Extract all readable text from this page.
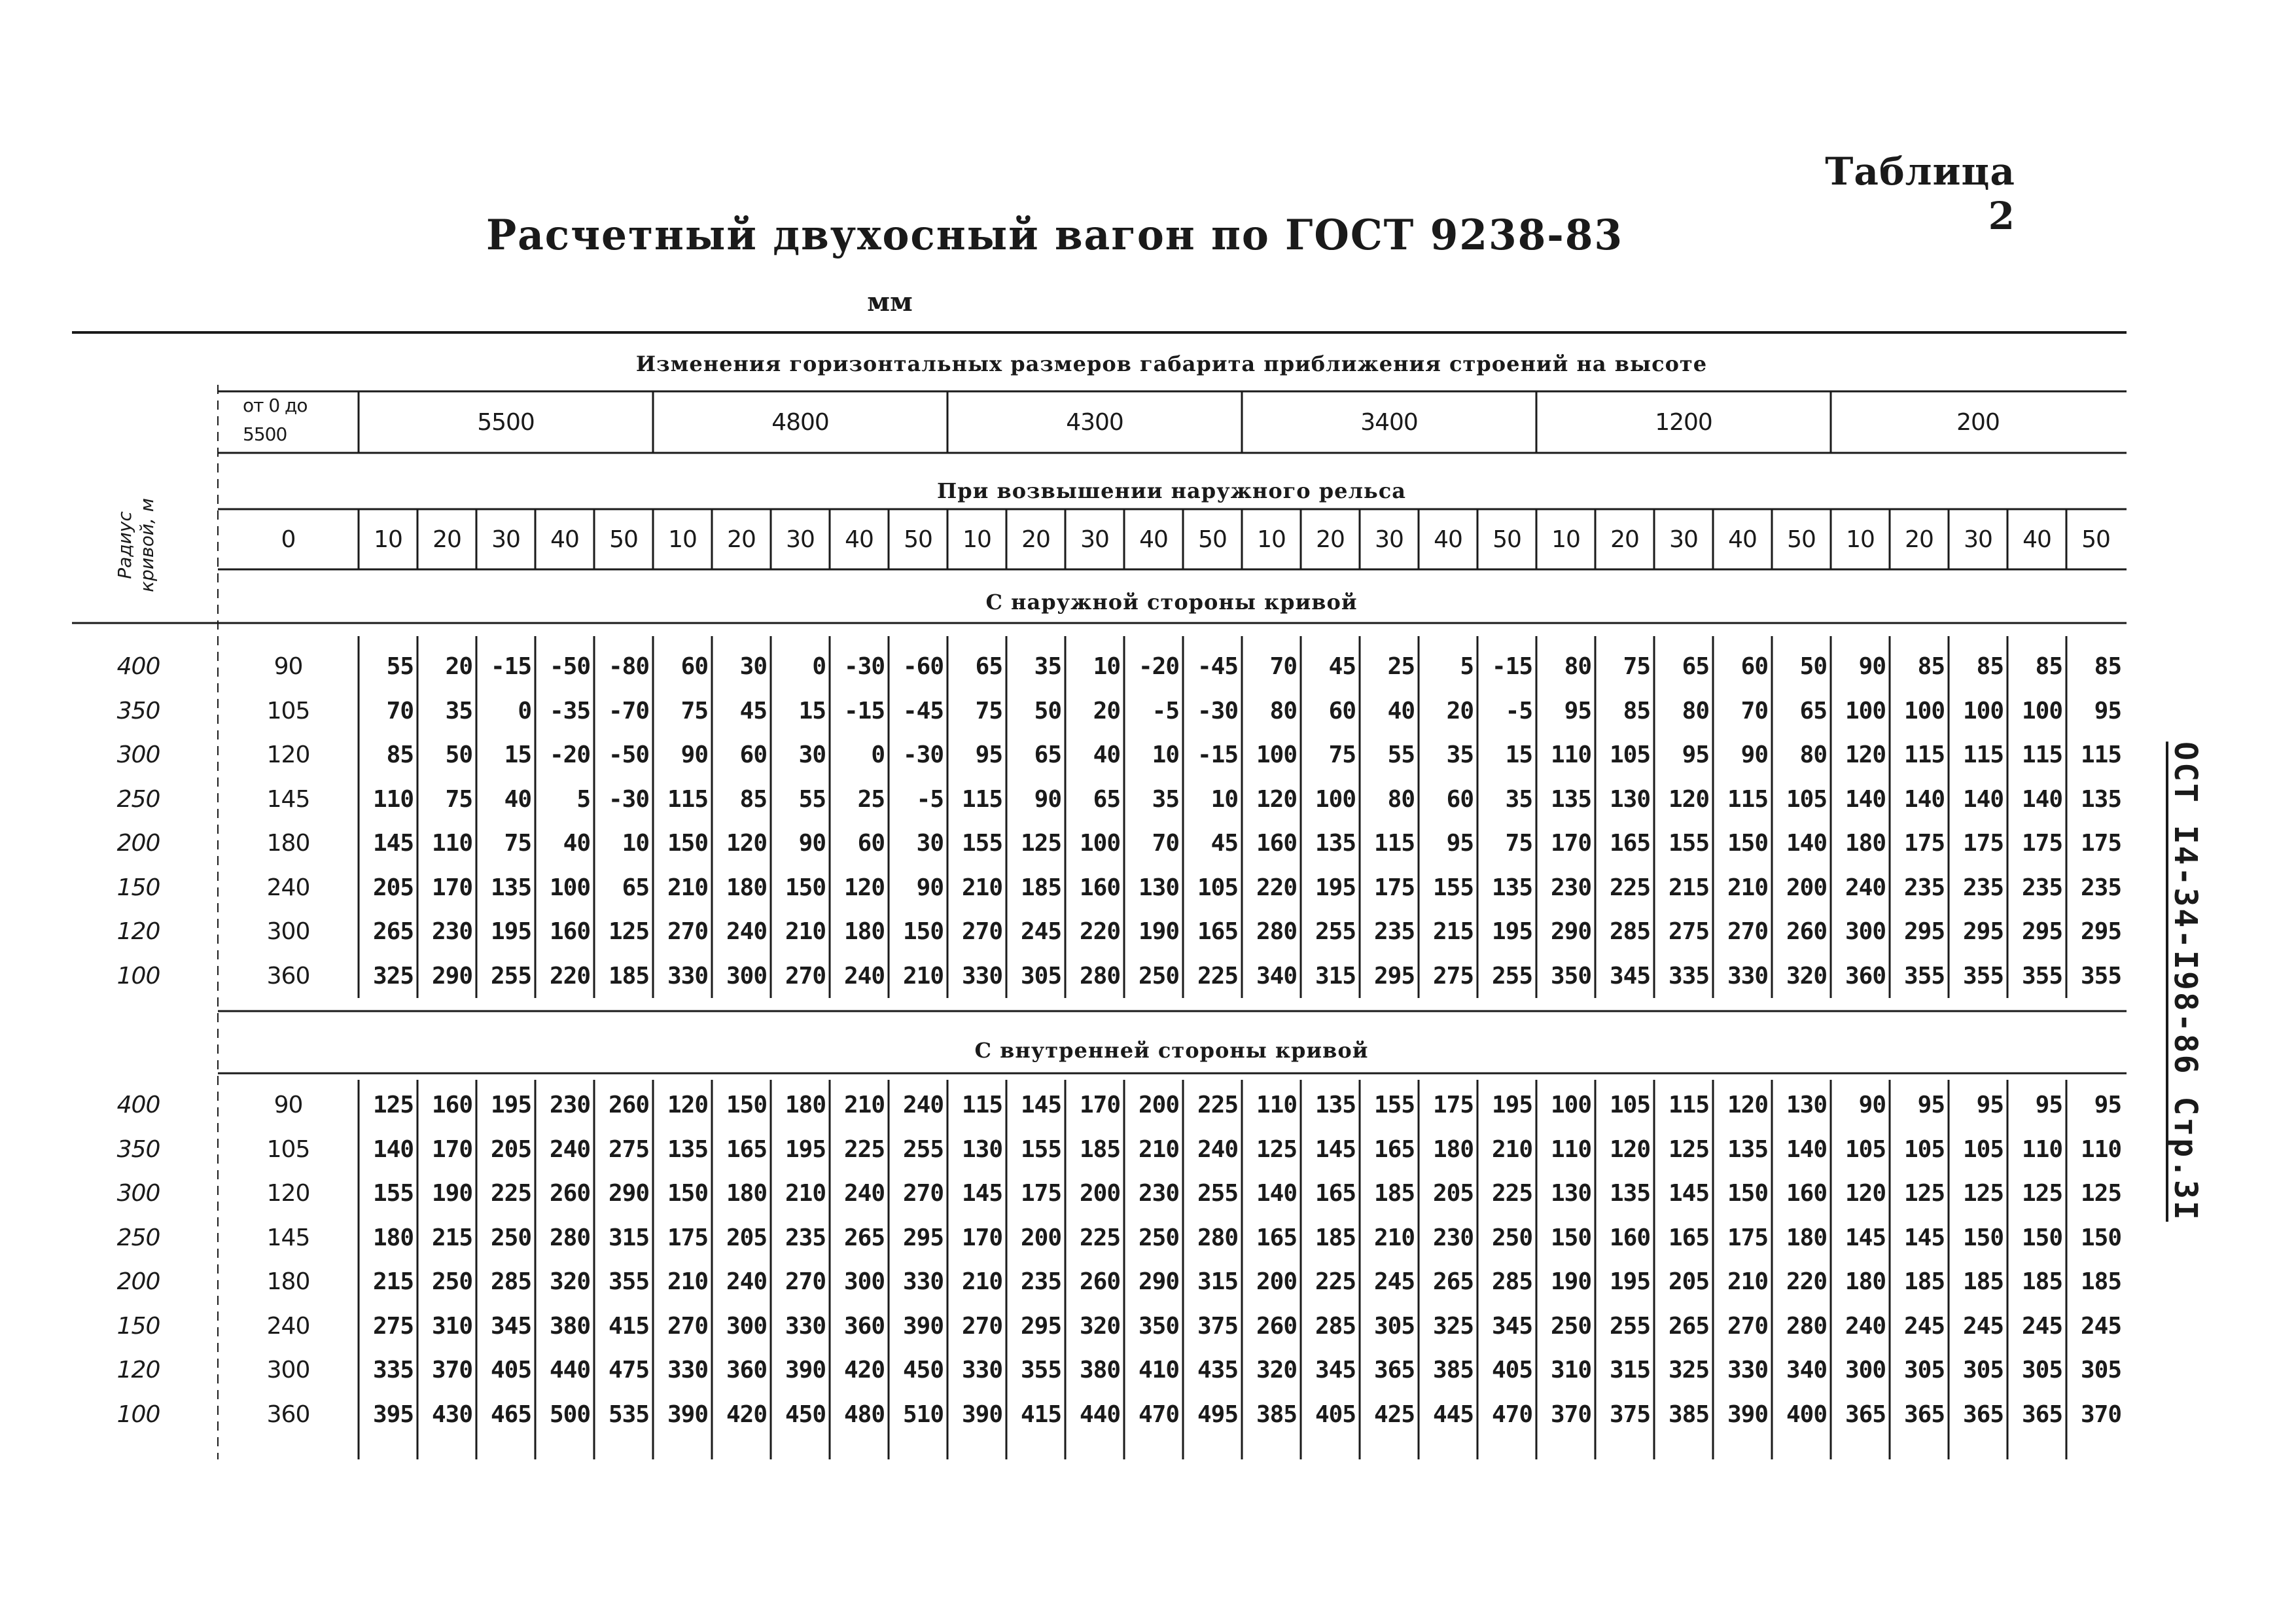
Таблица 2
Расчетный двухосный вагон по ГОСТ 9238-83
мм
ОСТ I4-34-I98-86 Стр.3I
Радиус кривой, м
Изменения горизонтальных размеров габарита приближения строений на высоте
от 0 до
5500	5500	4800	4300	3400	1200	200
При возвышении наружного рельса
0	10	20	30	40	50	10	20	30	40	50	10	20	30	40	50	10	20	30	40	50	10	20	30	40	50	10	20	30	40	50
С наружной стороны кривой
400	90	55	20 -15 -50 -80	60	30	0 -30 -60	65	35	10 -20 -45	70	45	25	5 -15	80	75	65	60	50	90	85	85	85	85
350	105	70	35	0 -35 -70	75	45	15 -15 -45	75	50	20	-5 -30	80	60	40	20	-5	95	85	80	70	65 100 100 100 100	95
300	120	85	50	15 -20 -50	90	60	30	0 -30	95	65	40	10 -15 100	75	55	35	15 110 105	95	90	80 120 115 115 115 115
250	145	110	75	40	5 -30 115	85	55	25	-5 115	90	65	35	10 120 100	80	60	35 135 130 120 115 105 140 140 140 140 135
200	180	145 110	75	40	10 150 120	90	60	30 155 125 100	70	45 160 135 115	95	75 170 165 155 150 140 180 175 175 175 175
150	240	205 170 135 100	65 210 180 150 120	90 210 185 160 130 105 220 195 175 155 135 230 225 215 210 200 240 235 235 235 235
120	300	265 230 195 160 125 270 240 210 180 150 270 245 220 190 165 280 255 235 215 195 290 285 275 270 260 300 295 295 295 295
100	360	325 290 255 220 185 330 300 270 240 210 330 305 280 250 225 340 315 295 275 255 350 345 335 330 320 360 355 355 355 355
С внутренней стороны кривой
400	90	125 160 195 230 260 120 150 180 210 240 115 145 170 200 225 110 135 155 175 195 100 105 115 120 130	90	95	95	95	95
350	105	140 170 205 240 275 135 165 195 225 255 130 155 185 210 240 125 145 165 180 210 110 120 125 135 140 105 105 105 110 110
300	120	155 190 225 260 290 150 180 210 240 270 145 175 200 230 255 140 165 185 205 225 130 135 145 150 160 120 125 125 125 125
250	145	180 215 250 280 315 175 205 235 265 295 170 200 225 250 280 165 185 210 230 250 150 160 165 175 180 145 145 150 150 150
200	180	215 250 285 320 355 210 240 270 300 330 210 235 260 290 315 200 225 245 265 285 190 195 205 210 220 180 185 185 185 185
150	240	275 310 345 380 415 270 300 330 360 390 270 295 320 350 375 260 285 305 325 345 250 255 265 270 280 240 245 245 245 245
120	300	335 370 405 440 475 330 360 390 420 450 330 355 380 410 435 320 345 365 385 405 310 315 325 330 340 300 305 305 305 305
100	360	395 430 465 500 535 390 420 450 480 510 390 415 440 470 495 385 405 425 445 470 370 375 385 390 400 365 365 365 365 370
